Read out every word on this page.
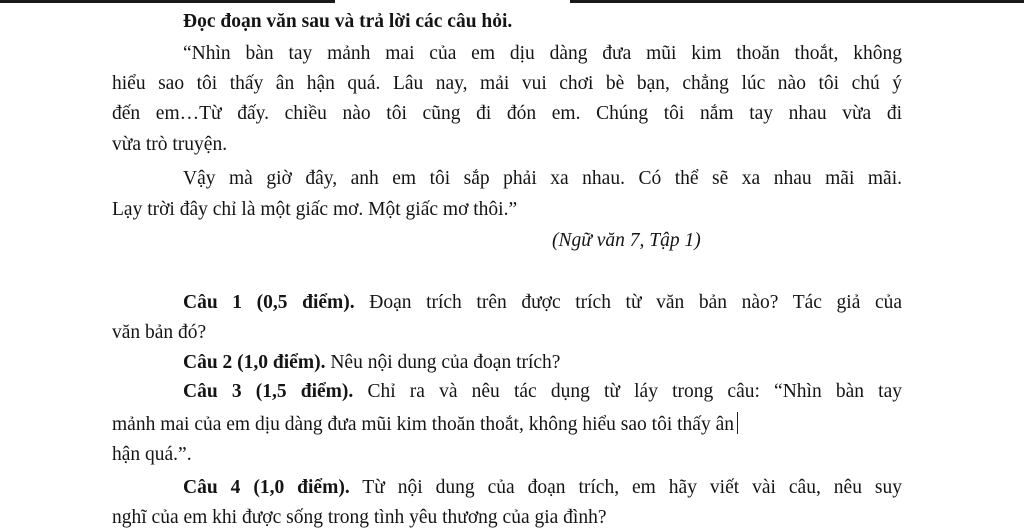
Đọc đoạn văn sau và trả lời các câu hỏi.

“Nhìn bàn tay mảnh mai của em dịu dàng đưa mũi kim thoăn thoắt, không

hiểu sao tôi thấy ân hận quá. Lâu nay, mải vui chơi bè bạn, chẳng lúc nào tôi chú ý

đến em…Từ đấy. chiều nào tôi cũng đi đón em. Chúng tôi nắm tay nhau vừa đi

vừa trò truyện.

Vậy mà giờ đây, anh em tôi sắp phải xa nhau. Có thể sẽ xa nhau mãi mãi.

Lạy trời đây chỉ là một giấc mơ. Một giấc mơ thôi.”

(Ngữ văn 7, Tập 1)

Câu 1 (0,5 điểm). Đoạn trích trên được trích từ văn bản nào? Tác giả của

văn bản đó?

Câu 2 (1,0 điểm). Nêu nội dung của đoạn trích?

Câu 3 (1,5 điểm). Chỉ ra và nêu tác dụng từ láy trong câu: “Nhìn bàn tay

mảnh mai của em dịu dàng đưa mũi kim thoăn thoắt, không hiểu sao tôi thấy ân

hận quá.”.

Câu 4 (1,0 điểm). Từ nội dung của đoạn trích, em hãy viết vài câu, nêu suy

nghĩ của em khi được sống trong tình yêu thương của gia đình?
